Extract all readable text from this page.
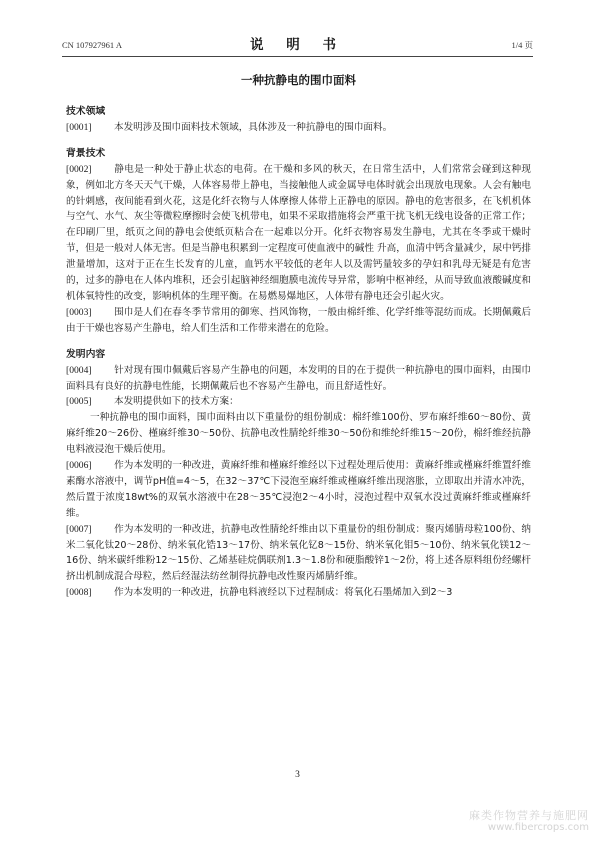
CN 107927961 A	说 明 书	1/4 页

一种抗静电的围巾面料

技术领域

[0001] 本发明涉及围巾面料技术领域，具体涉及一种抗静电的围巾面料。

背景技术

[0002] 静电是一种处于静止状态的电荷。在干燥和多风的秋天，在日常生活中，人们常常会碰到这种现象，例如北方冬天天气干燥，人体容易带上静电，当接触他人或金属导电体时就会出现放电现象。人会有触电的针刺感，夜间能看到火花，这是化纤衣物与人体摩擦人体带上正静电的原因。静电的危害很多，在飞机机体与空气、水气、灰尘等微粒摩擦时会使飞机带电，如果不采取措施将会严重干扰飞机无线电设备的正常工作；在印刷厂里，纸页之间的静电会使纸页粘合在一起难以分开。化纤衣物容易发生静电，尤其在冬季或干燥时节，但是一般对人体无害。但是当静电积累到一定程度可使血液中的碱性 升高，血清中钙含量减少，尿中钙排泄量增加，这对于正在生长发育的儿童，血钙水平较低的老年人以及需钙量较多的孕妇和乳母无疑是有危害的，过多的静电在人体内堆积，还会引起脑神经细胞膜电流传导异常，影响中枢神经，从而导致血液酸碱度和机体氧特性的改变，影响机体的生理平衡。在易燃易爆地区，人体带有静电还会引起火灾。

[0003] 围巾是人们在春冬季节常用的御寒、挡风饰物，一般由棉纤维、化学纤维等混纺而成。长期佩戴后由于干燥也容易产生静电，给人们生活和工作带来潜在的危险。

发明内容

[0004] 针对现有围巾佩戴后容易产生静电的问题，本发明的目的在于提供一种抗静电的围巾面料，由围巾面料具有良好的抗静电性能，长期佩戴后也不容易产生静电，而且舒适性好。

[0005] 本发明提供如下的技术方案：

一种抗静电的围巾面料，围巾面料由以下重量份的组份制成：棉纤维100份、罗布麻纤维60～80份、黄麻纤维20～26份、槿麻纤维30～50份、抗静电改性腈纶纤维30～50份和维纶纤维15～20份，棉纤维经抗静电料液浸泡干燥后使用。

[0006] 作为本发明的一种改进，黄麻纤维和槿麻纤维经以下过程处理后使用：黄麻纤维或槿麻纤维置纤维素酶水溶液中，调节pH值=4～5，在32～37℃下浸泡至麻纤维或槿麻纤维出现溶胀，立即取出并清水冲洗，然后置于浓度18wt%的双氧水溶液中在28～35℃浸泡2～4小时，浸泡过程中双氧水没过黄麻纤维或槿麻纤维。

[0007] 作为本发明的一种改进，抗静电改性腈纶纤维由以下重量份的组份制成：聚丙烯腈母粒100份、纳米二氧化钛20～28份、纳米氧化锆13～17份、纳米氧化钇8～15份、纳米氧化钼5～10份、纳米氧化镁12～16份、纳米碳纤维粉12～15份、乙烯基硅烷偶联剂1.3～1.8份和硬脂酸锌1～2份，将上述各原料组份经螺杆挤出机制成混合母粒，然后经湿法纺丝制得抗静电改性聚丙烯腈纤维。

[0008] 作为本发明的一种改进，抗静电料液经以下过程制成：将氧化石墨烯加入到2～3

3
麻类作物营养与施肥网
www.fibercrops.com
